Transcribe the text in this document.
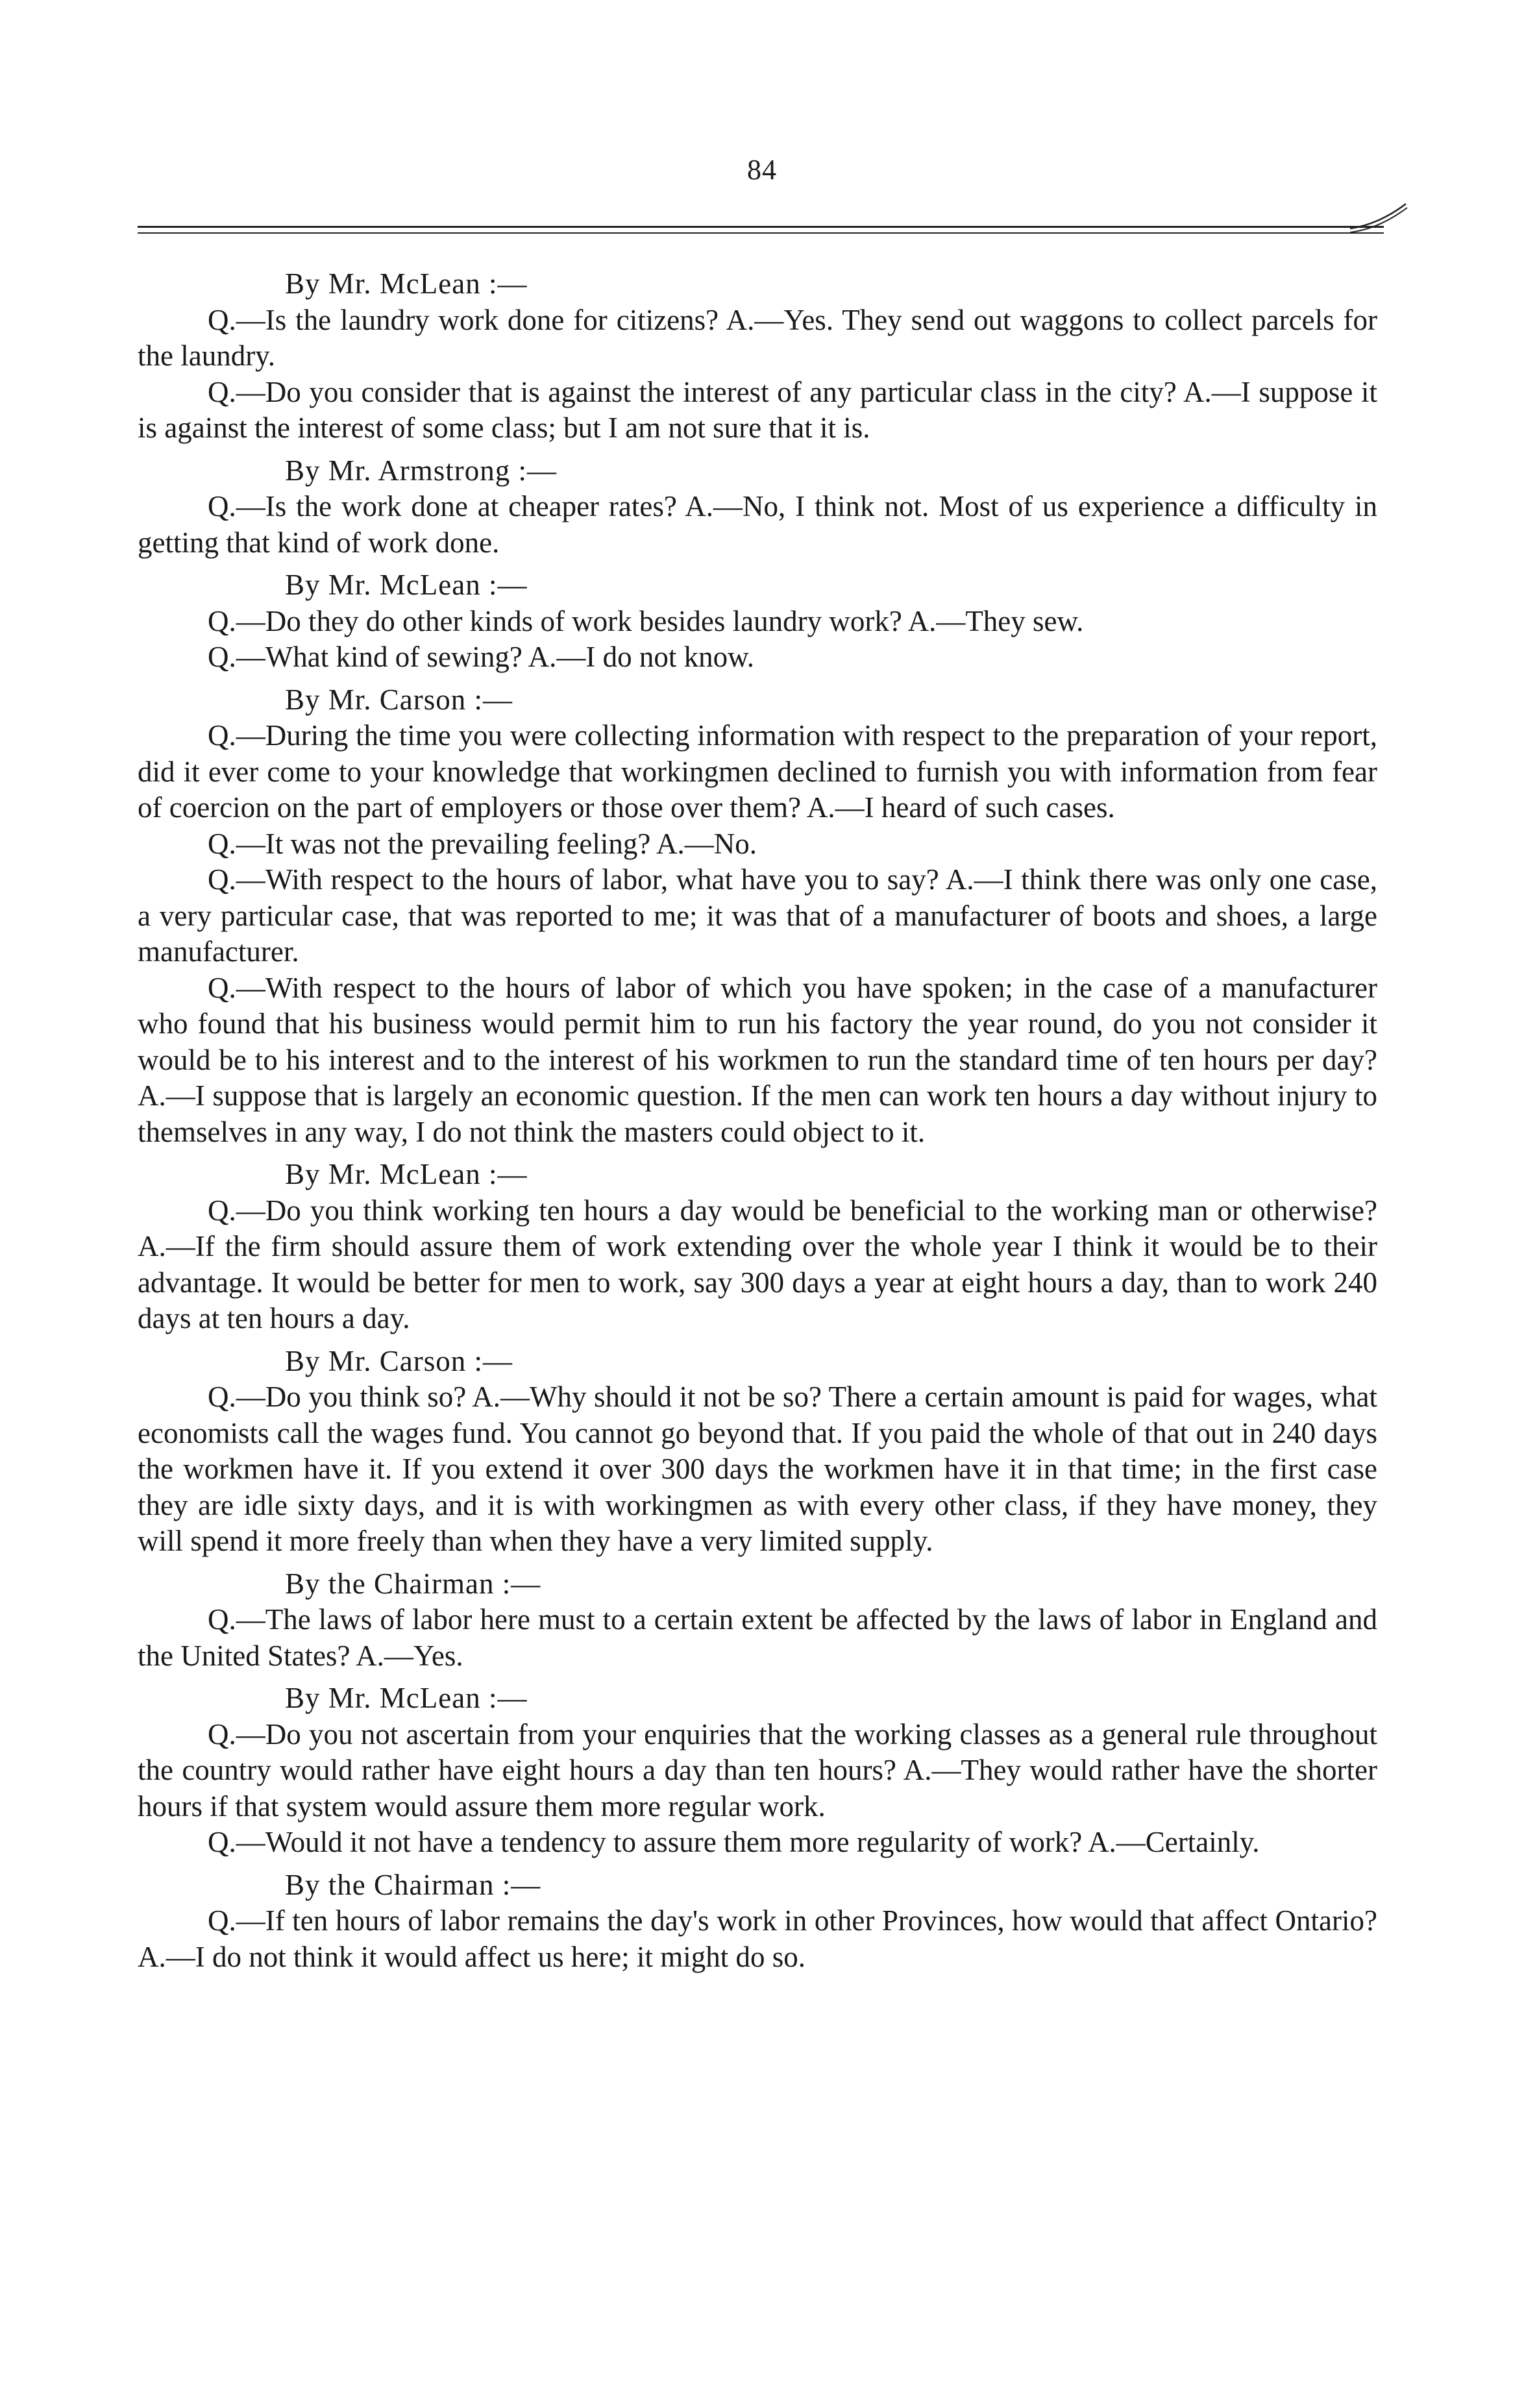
84

By Mr. McLean :—

Q.—Is the laundry work done for citizens? A.—Yes. They send out waggons to collect parcels for the laundry.

Q.—Do you consider that is against the interest of any particular class in the city? A.—I suppose it is against the interest of some class; but I am not sure that it is.

By Mr. Armstrong :—

Q.—Is the work done at cheaper rates? A.—No, I think not. Most of us experience a difficulty in getting that kind of work done.

By Mr. McLean :—

Q.—Do they do other kinds of work besides laundry work? A.—They sew.

Q.—What kind of sewing? A.—I do not know.

By Mr. Carson :—

Q.—During the time you were collecting information with respect to the preparation of your report, did it ever come to your knowledge that workingmen declined to furnish you with information from fear of coercion on the part of employers or those over them? A.—I heard of such cases.

Q.—It was not the prevailing feeling? A.—No.

Q.—With respect to the hours of labor, what have you to say? A.—I think there was only one case, a very particular case, that was reported to me; it was that of a manufacturer of boots and shoes, a large manufacturer.

Q.—With respect to the hours of labor of which you have spoken; in the case of a manufacturer who found that his business would permit him to run his factory the year round, do you not consider it would be to his interest and to the interest of his workmen to run the standard time of ten hours per day? A.—I suppose that is largely an economic question. If the men can work ten hours a day without injury to themselves in any way, I do not think the masters could object to it.

By Mr. McLean :—

Q.—Do you think working ten hours a day would be beneficial to the working man or otherwise? A.—If the firm should assure them of work extending over the whole year I think it would be to their advantage. It would be better for men to work, say 300 days a year at eight hours a day, than to work 240 days at ten hours a day.

By Mr. Carson :—

Q.—Do you think so? A.—Why should it not be so? There a certain amount is paid for wages, what economists call the wages fund. You cannot go beyond that. If you paid the whole of that out in 240 days the workmen have it. If you extend it over 300 days the workmen have it in that time; in the first case they are idle sixty days, and it is with workingmen as with every other class, if they have money, they will spend it more freely than when they have a very limited supply.

By the Chairman :—

Q.—The laws of labor here must to a certain extent be affected by the laws of labor in England and the United States? A.—Yes.

By Mr. McLean :—

Q.—Do you not ascertain from your enquiries that the working classes as a general rule throughout the country would rather have eight hours a day than ten hours? A.—They would rather have the shorter hours if that system would assure them more regular work.

Q.—Would it not have a tendency to assure them more regularity of work? A.—Certainly.

By the Chairman :—

Q.—If ten hours of labor remains the day's work in other Provinces, how would that affect Ontario? A.—I do not think it would affect us here; it might do so.
